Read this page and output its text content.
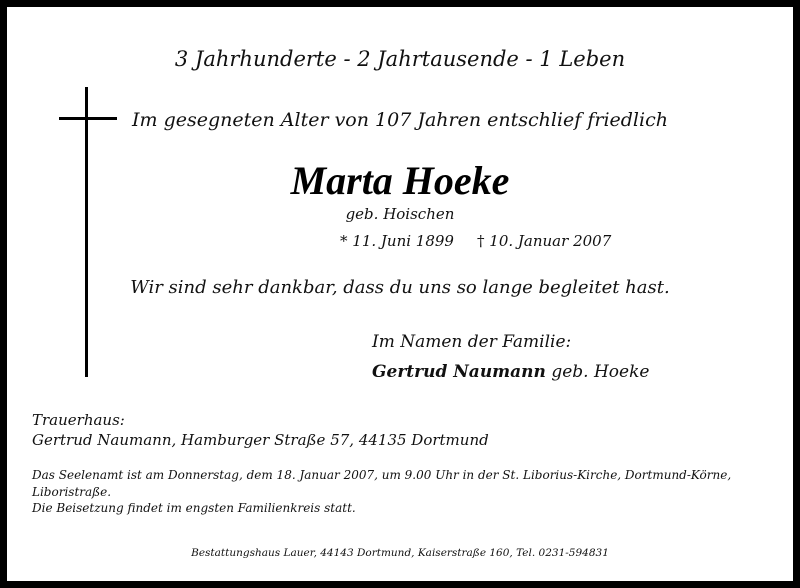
3 Jahrhunderte - 2 Jahrtausende - 1 Leben
Im gesegneten Alter von 107 Jahren entschlief friedlich
Marta Hoeke
geb. Hoischen
* 11. Juni 1899 † 10. Januar 2007
Wir sind sehr dankbar, dass du uns so lange begleitet hast.
Im Namen der Familie:
Gertrud Naumann geb. Hoeke
Trauerhaus:
Gertrud Naumann, Hamburger Straße 57, 44135 Dortmund
Das Seelenamt ist am Donnerstag, dem 18. Januar 2007, um 9.00 Uhr in der St. Liborius-Kirche, Dortmund-Körne, Liboristraße.
Die Beisetzung findet im engsten Familienkreis statt.
Bestattungshaus Lauer, 44143 Dortmund, Kaiserstraße 160, Tel. 0231-594831
